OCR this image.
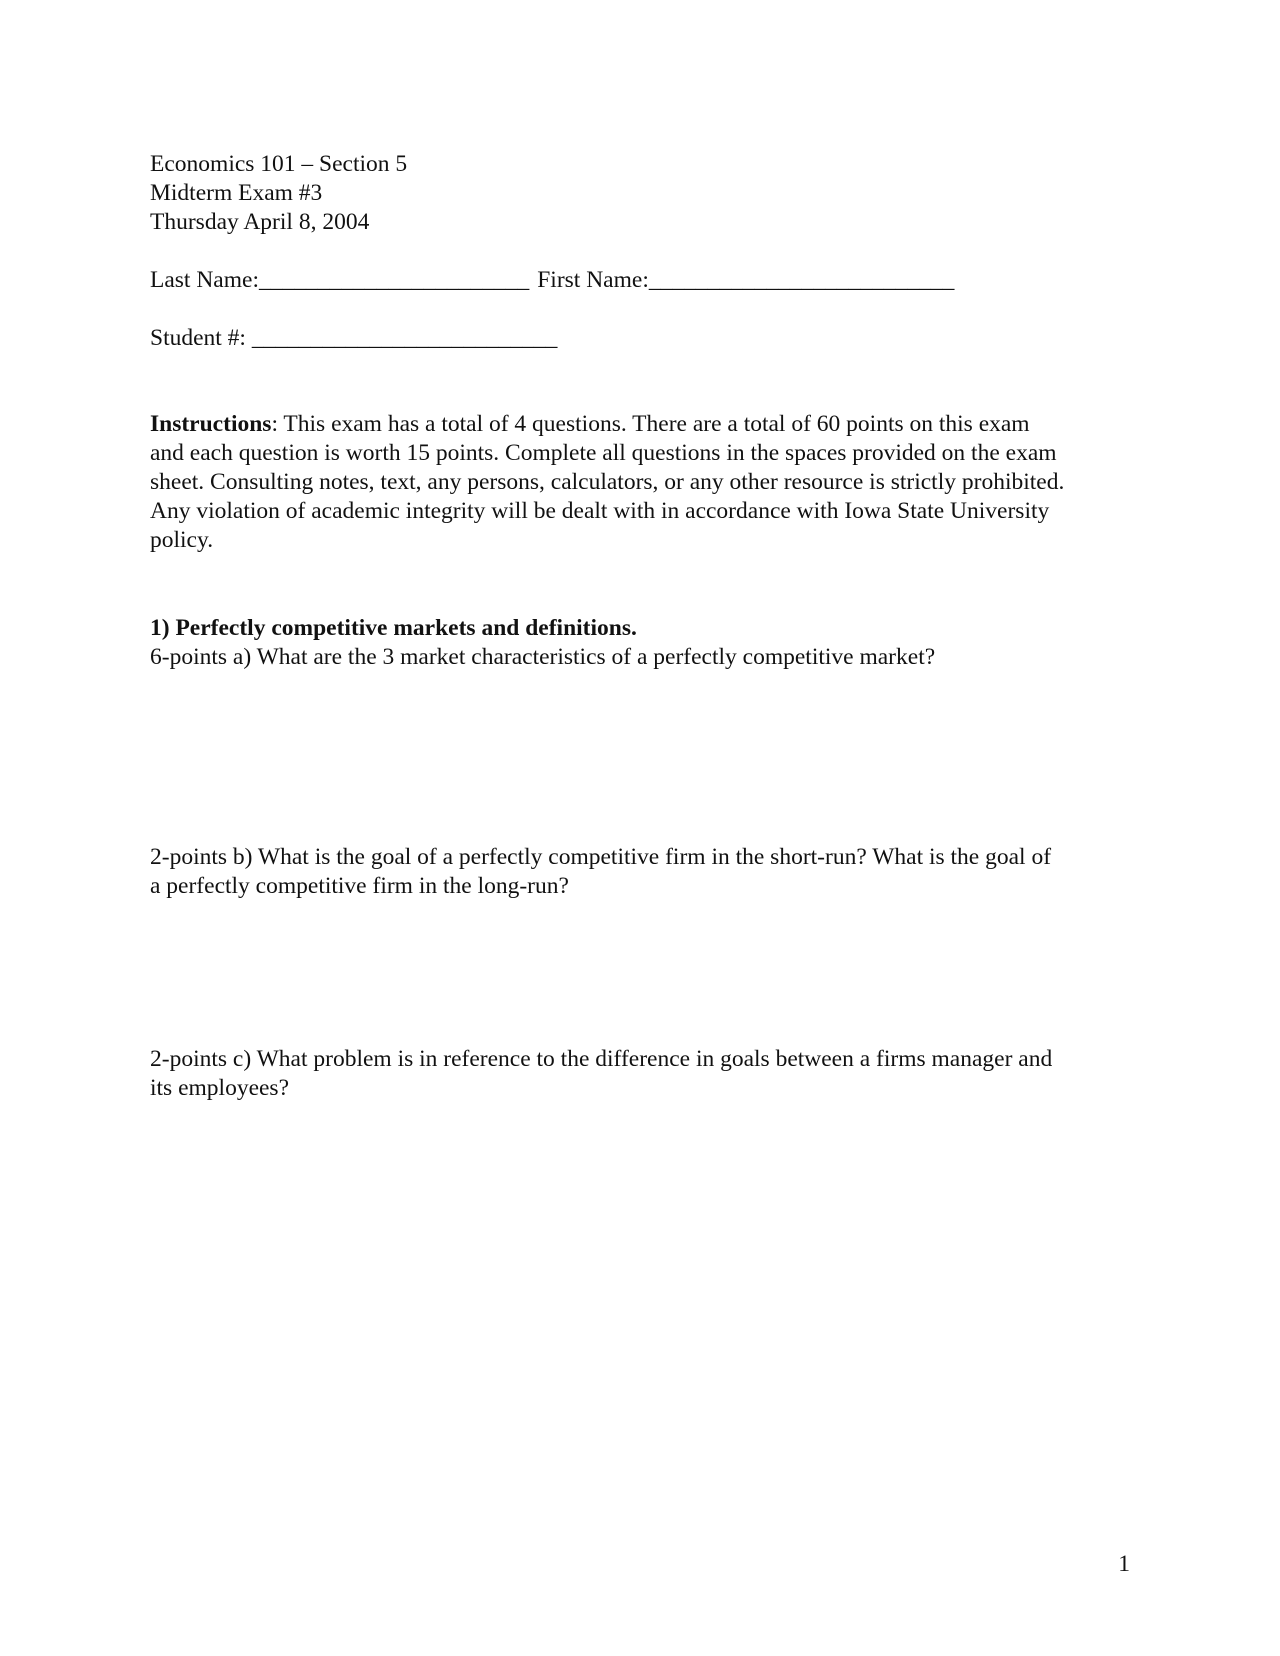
Economics 101 – Section 5
Midterm Exam #3
Thursday April 8, 2004
Last Name:_______________________ First Name:__________________________
Student #: __________________________
Instructions: This exam has a total of 4 questions. There are a total of 60 points on this exam
and each question is worth 15 points. Complete all questions in the spaces provided on the exam
sheet. Consulting notes, text, any persons, calculators, or any other resource is strictly prohibited.
Any violation of academic integrity will be dealt with in accordance with Iowa State University
policy.
1) Perfectly competitive markets and definitions.
6-points a) What are the 3 market characteristics of a perfectly competitive market?
2-points b) What is the goal of a perfectly competitive firm in the short-run? What is the goal of
a perfectly competitive firm in the long-run?
2-points c) What problem is in reference to the difference in goals between a firms manager and
its employees?
1
